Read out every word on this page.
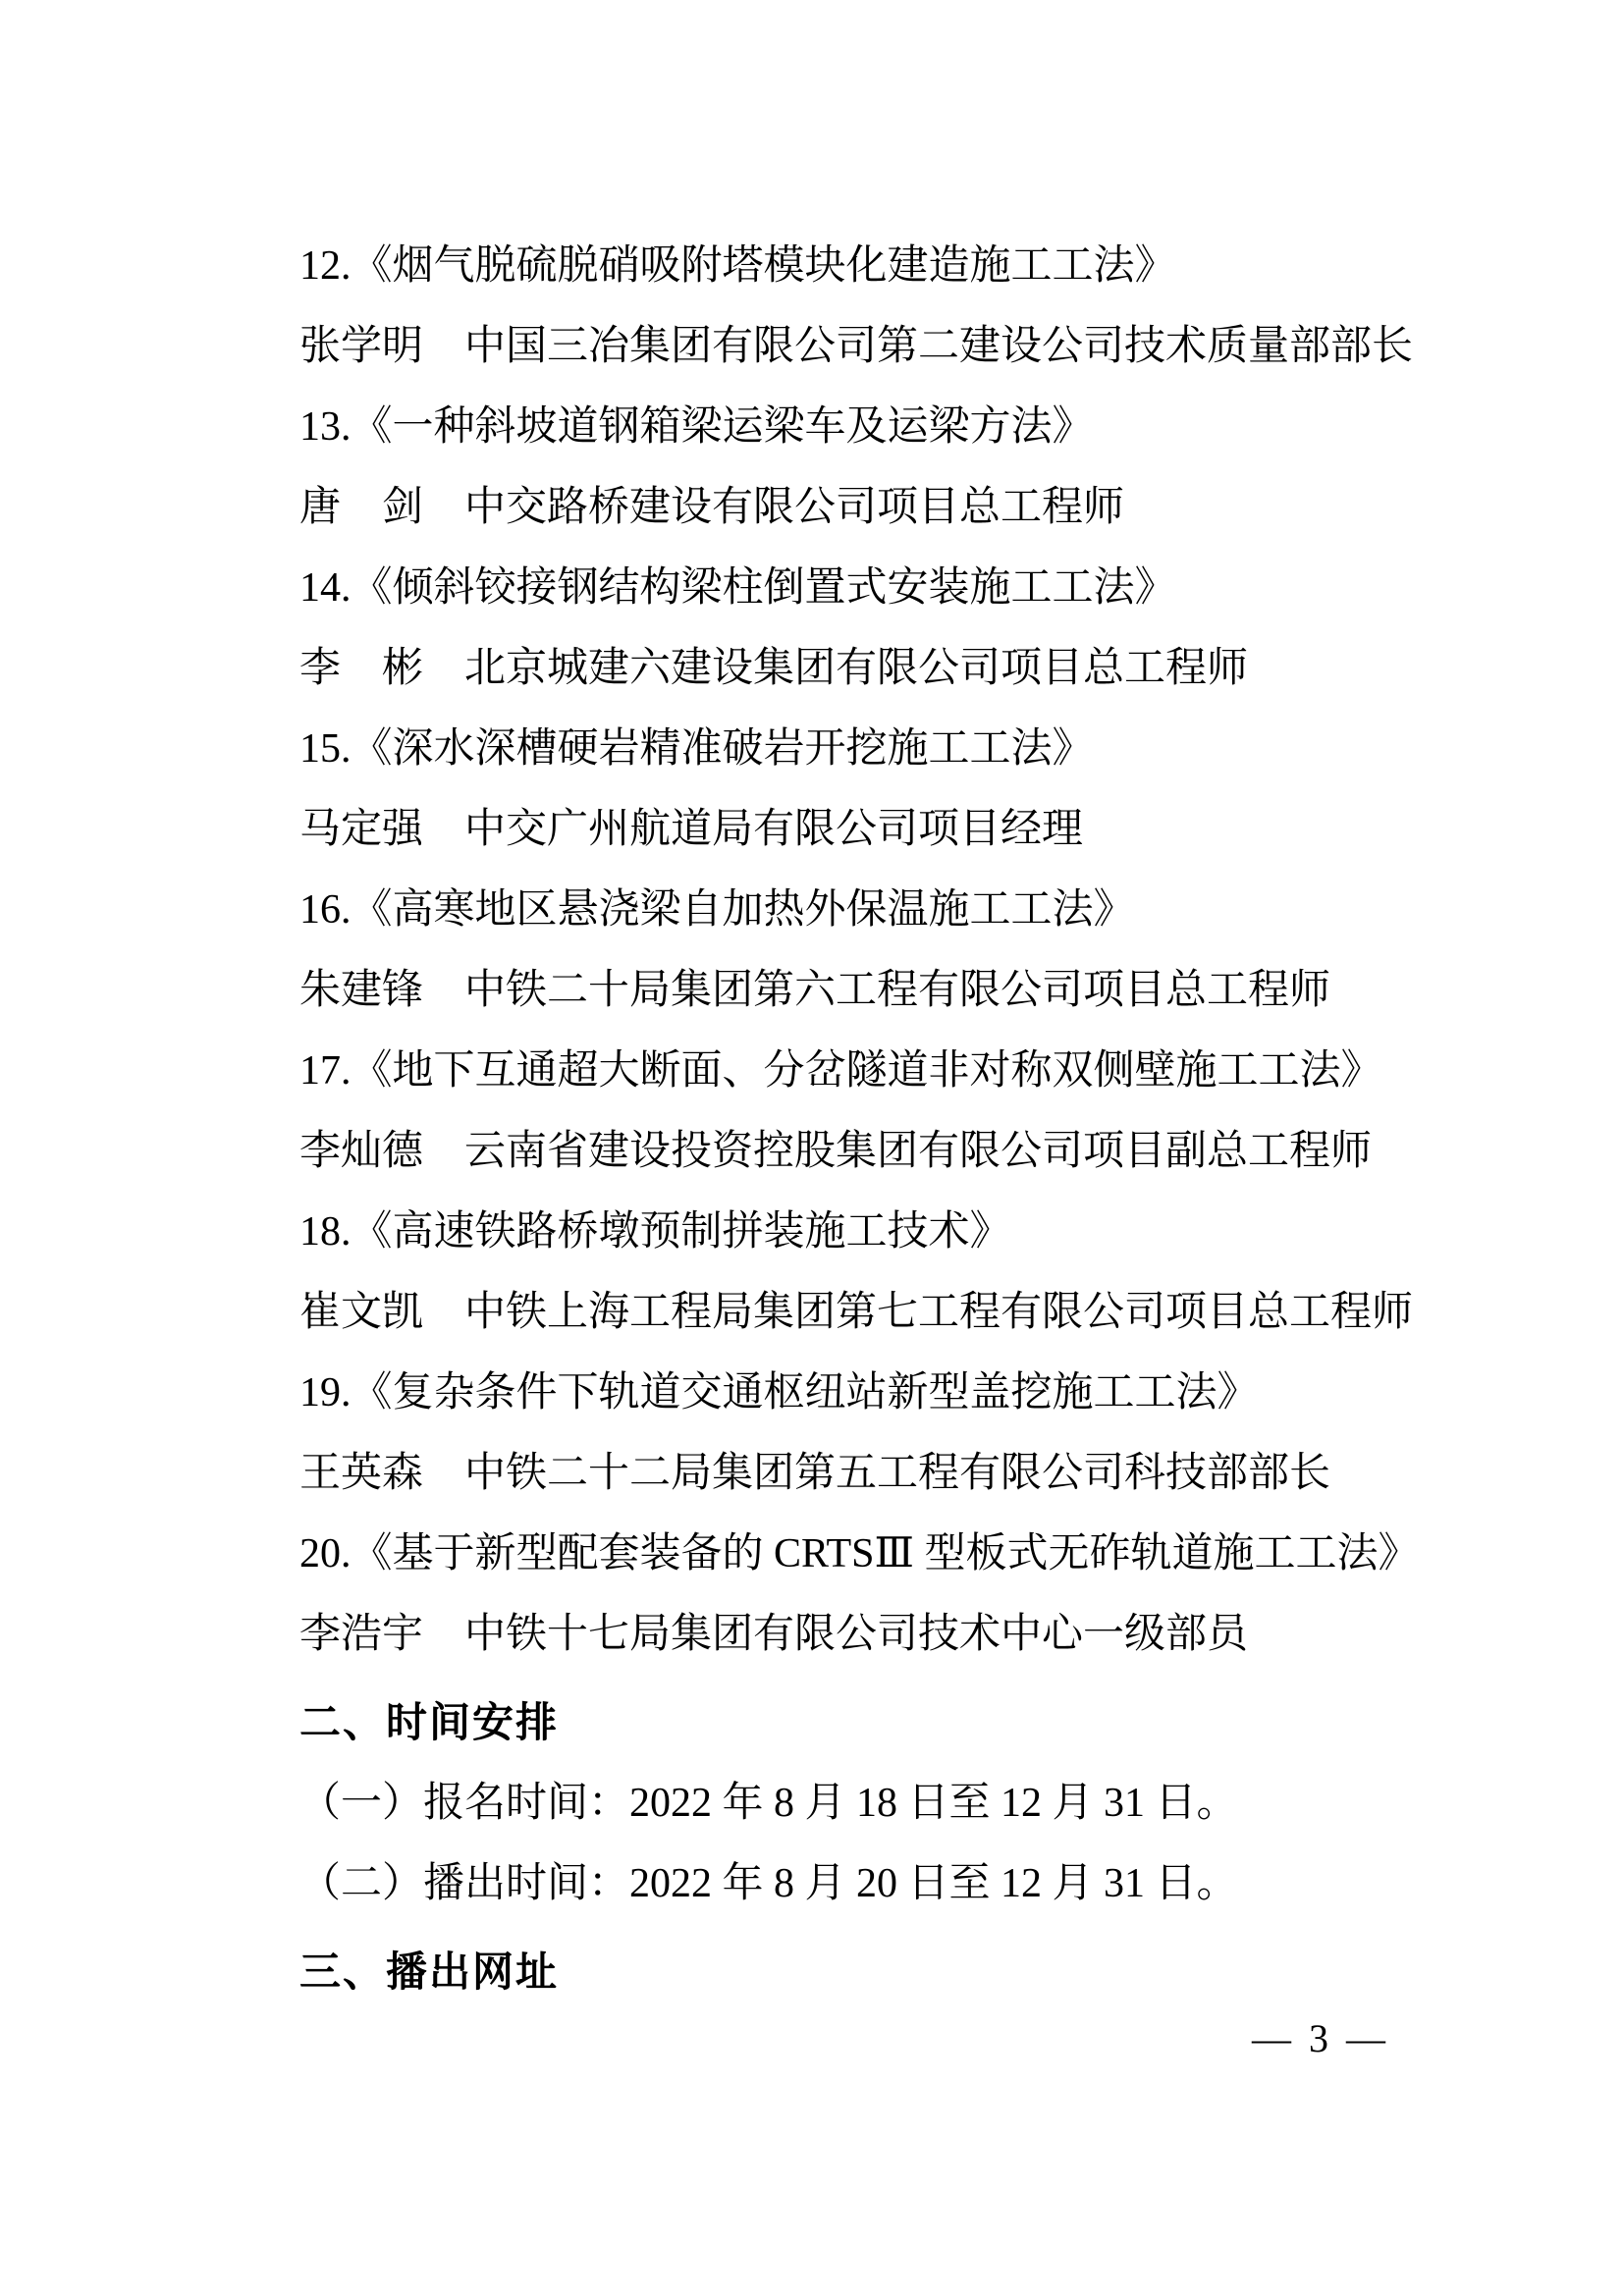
12.《烟气脱硫脱硝吸附塔模块化建造施工工法》

张学明 中国三冶集团有限公司第二建设公司技术质量部部长

13.《一种斜坡道钢箱梁运梁车及运梁方法》

唐　剑 中交路桥建设有限公司项目总工程师

14.《倾斜铰接钢结构梁柱倒置式安装施工工法》

李　彬 北京城建六建设集团有限公司项目总工程师

15.《深水深槽硬岩精准破岩开挖施工工法》

马定强 中交广州航道局有限公司项目经理

16.《高寒地区悬浇梁自加热外保温施工工法》

朱建锋 中铁二十局集团第六工程有限公司项目总工程师

17.《地下互通超大断面、分岔隧道非对称双侧壁施工工法》

李灿德 云南省建设投资控股集团有限公司项目副总工程师

18.《高速铁路桥墩预制拼装施工技术》

崔文凯 中铁上海工程局集团第七工程有限公司项目总工程师

19.《复杂条件下轨道交通枢纽站新型盖挖施工工法》

王英森 中铁二十二局集团第五工程有限公司科技部部长

20.《基于新型配套装备的 CRTSⅢ 型板式无砟轨道施工工法》

李浩宇 中铁十七局集团有限公司技术中心一级部员

二、时间安排

（一）报名时间：2022 年 8 月 18 日至 12 月 31 日。

（二）播出时间：2022 年 8 月 20 日至 12 月 31 日。

三、播出网址
— 3 —
